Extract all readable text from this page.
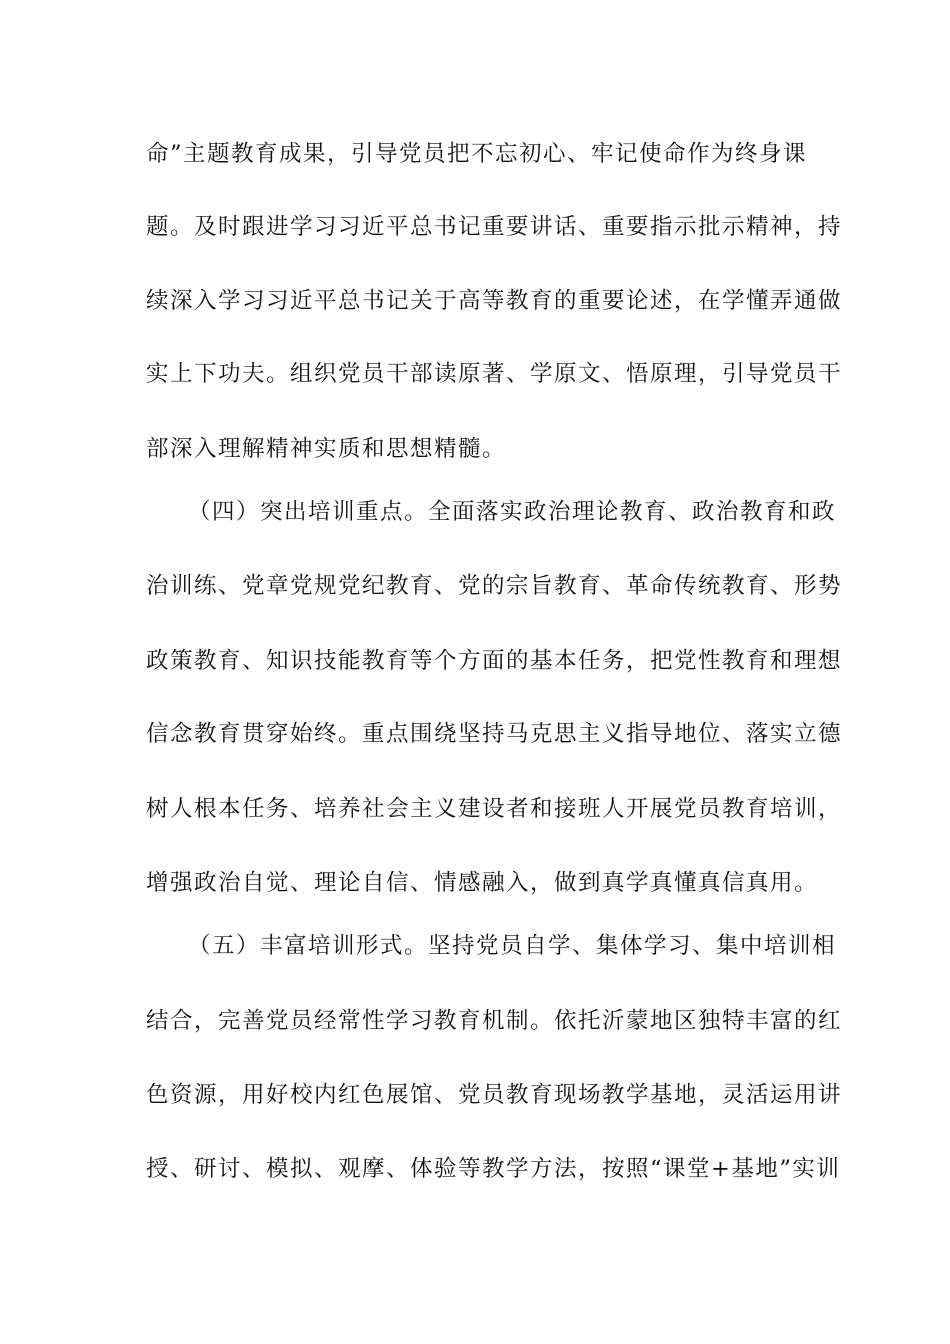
命”主题教育成果，引导党员把不忘初心、牢记使命作为终身课
题。及时跟进学习习近平总书记重要讲话、重要指示批示精神，持
续深入学习习近平总书记关于高等教育的重要论述，在学懂弄通做
实上下功夫。组织党员干部读原著、学原文、悟原理，引导党员干
部深入理解精神实质和思想精髓。
（四）突出培训重点。全面落实政治理论教育、政治教育和政
治训练、党章党规党纪教育、党的宗旨教育、革命传统教育、形势
政策教育、知识技能教育等个方面的基本任务，把党性教育和理想
信念教育贯穿始终。重点围绕坚持马克思主义指导地位、落实立德
树人根本任务、培养社会主义建设者和接班人开展党员教育培训，
增强政治自觉、理论自信、情感融入，做到真学真懂真信真用。
（五）丰富培训形式。坚持党员自学、集体学习、集中培训相
结合，完善党员经常性学习教育机制。依托沂蒙地区独特丰富的红
色资源，用好校内红色展馆、党员教育现场教学基地，灵活运用讲
授、研讨、模拟、观摩、体验等教学方法，按照“课堂+基地”实训
